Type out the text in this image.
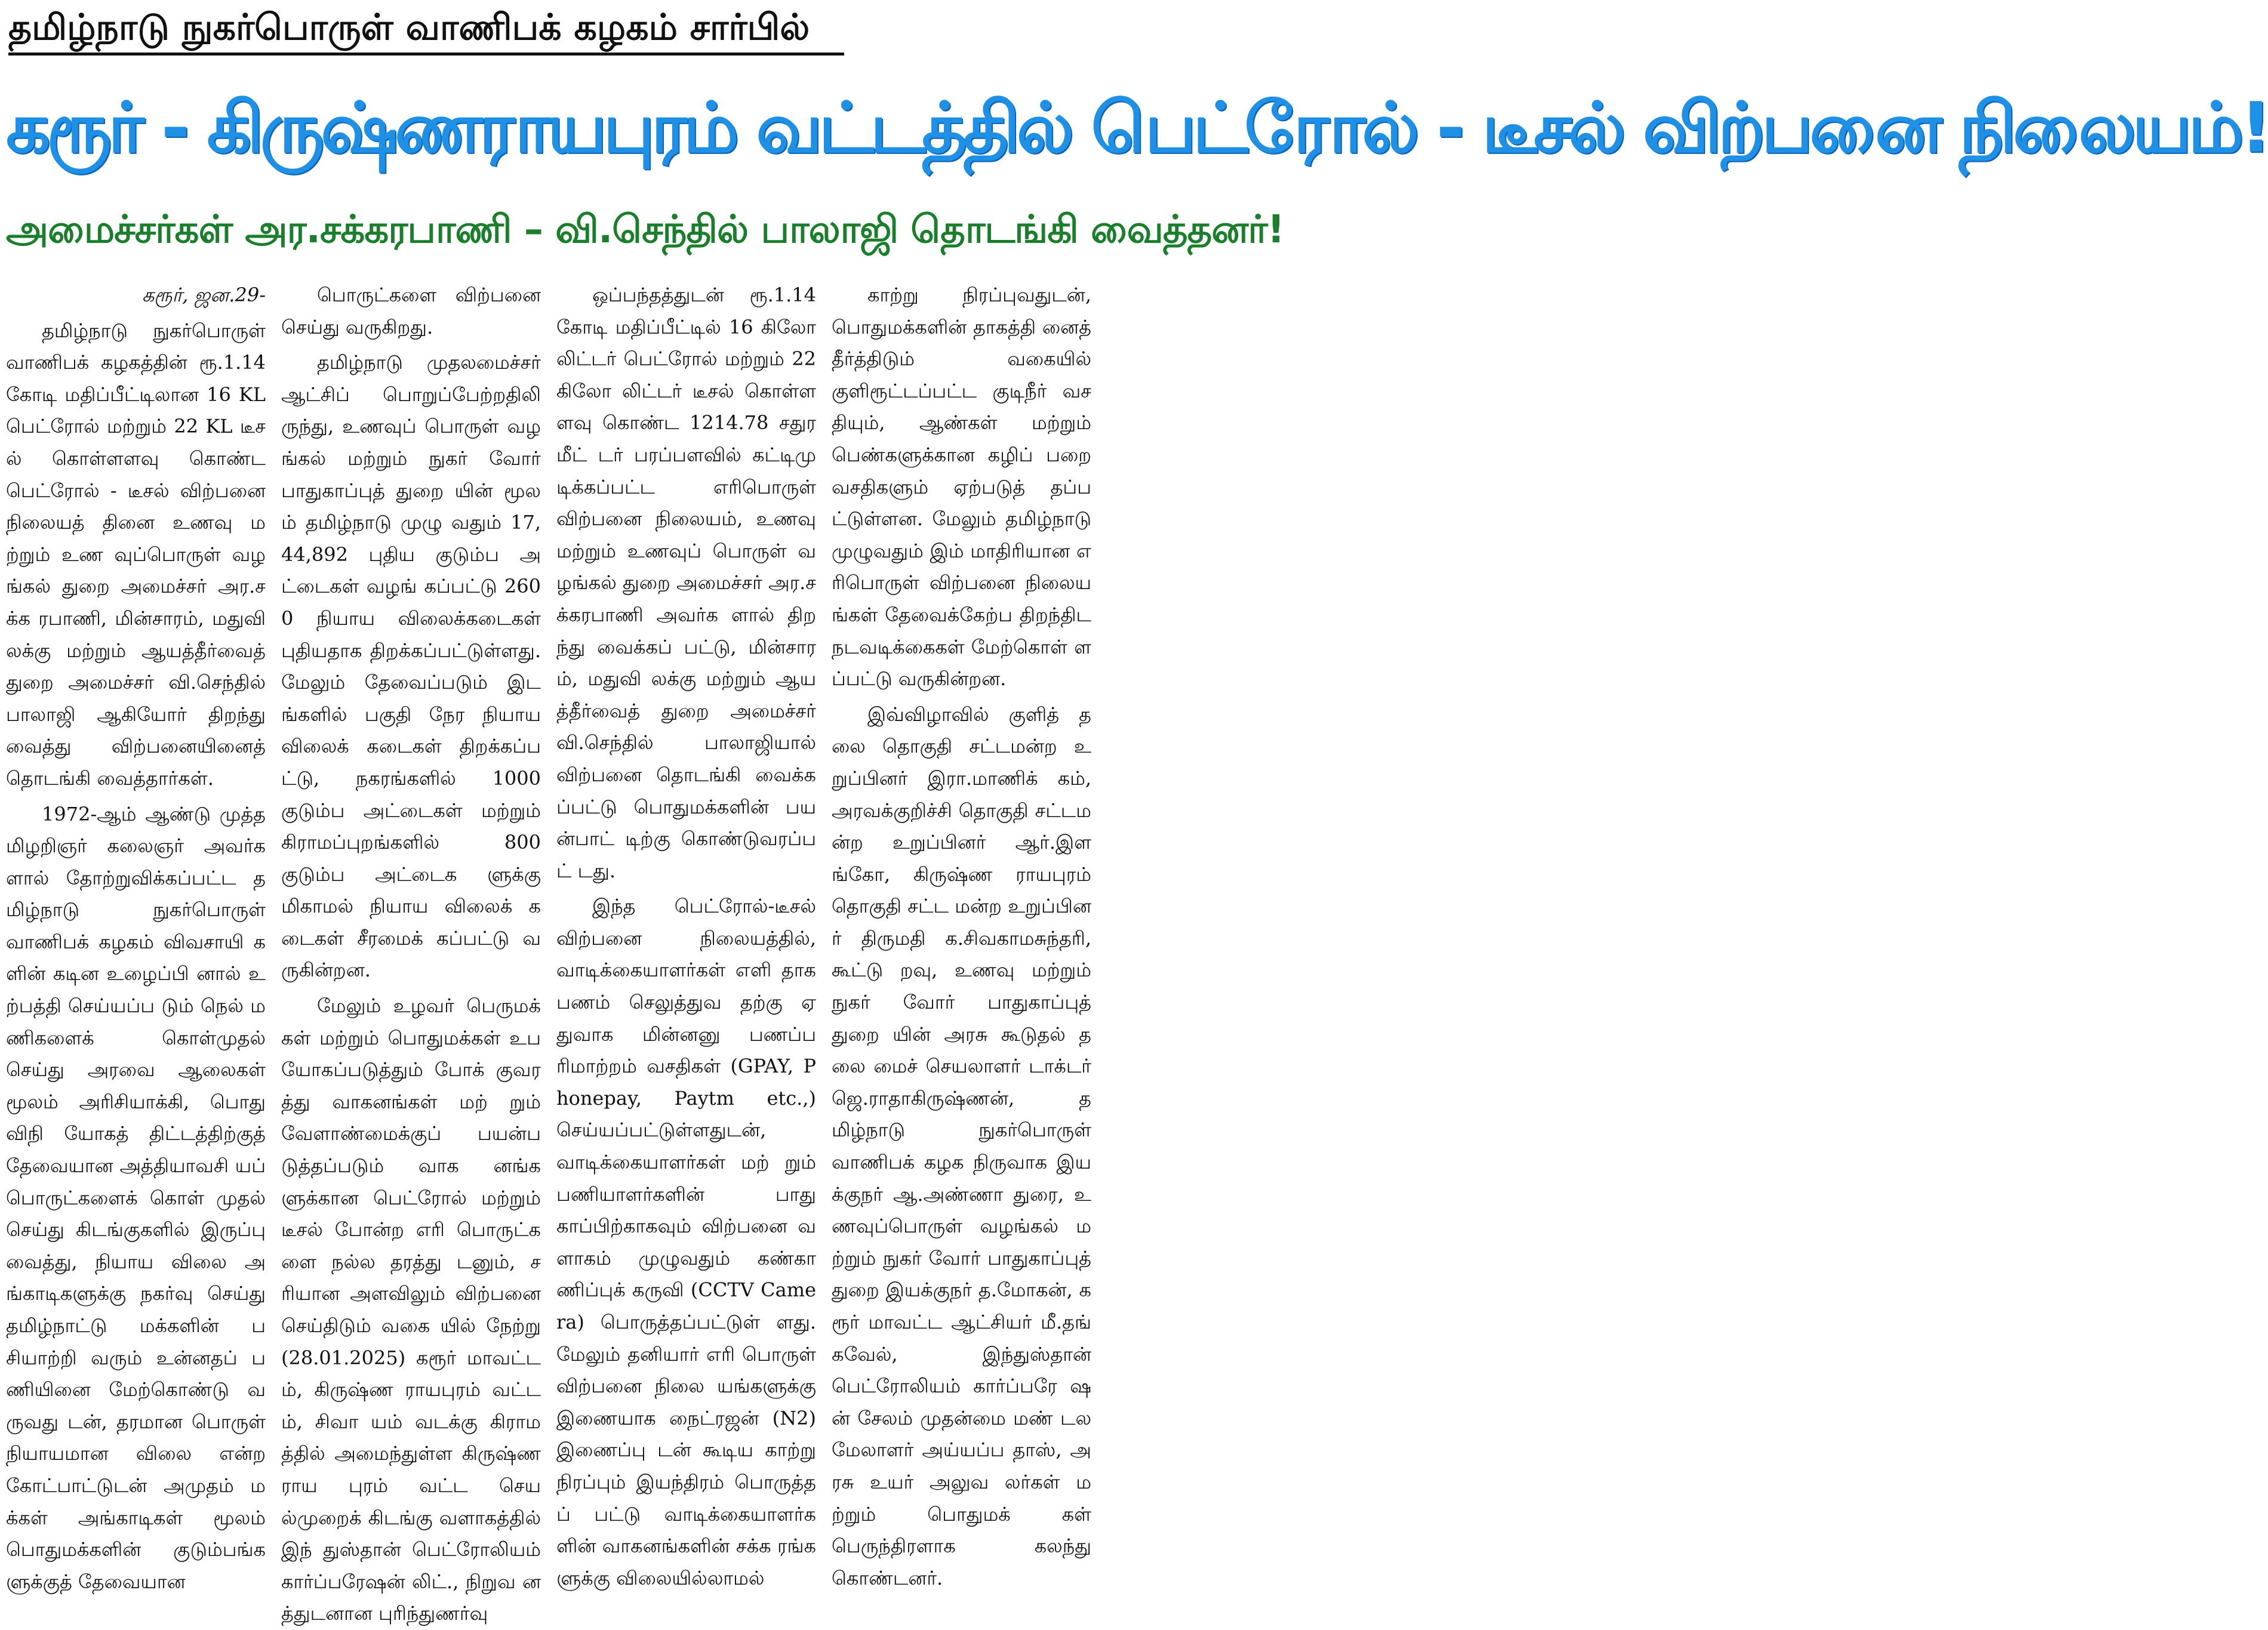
தமிழ்நாடு நுகர்பொருள் வாணிபக் கழகம் சார்பில்
கரூர் - கிருஷ்ணராயபுரம் வட்டத்தில் பெட்ரோல் - டீசல் விற்பனை நிலையம்!
அமைச்சர்கள் அர.சக்கரபாணி – வி.செந்தில் பாலாஜி தொடங்கி வைத்தனர்!

கரூர், ஜன.29-

தமிழ்நாடு நுகர்பொருள் வாணிபக் கழகத்தின் ரூ.1.14 கோடி மதிப்பீட்டிலான 16 KL பெட்ரோல் மற்றும் 22 KL டீசல் கொள்ளளவு கொண்ட பெட்ரோல் - டீசல் விற்பனை நிலையத் தினை உணவு மற்றும் உண வுப்பொருள் வழங்கல் துறை அமைச்சர் அர.சக்க ரபாணி, மின்சாரம், மதுவி லக்கு மற்றும் ஆயத்தீர்வைத் துறை அமைச்சர் வி.செந்தில் பாலாஜி ஆகியோர் திறந்து வைத்து விற்பனையினைத் தொடங்கி வைத்தார்கள்.

1972-ஆம் ஆண்டு முத்த மிழறிஞர் கலைஞர் அவர்க ளால் தோற்றுவிக்கப்பட்ட தமிழ்நாடு நுகர்பொருள் வாணிபக் கழகம் விவசாயி களின் கடின உழைப்பி னால் உற்பத்தி செய்யப்ப டும் நெல் மணிகளைக் கொள்முதல் செய்து அரவை ஆலைகள் மூலம் அரிசியாக்கி, பொது விநி யோகத் திட்டத்திற்குத் தேவையான அத்தியாவசி யப் பொருட்களைக் கொள் முதல் செய்து கிடங்குகளில் இருப்பு வைத்து, நியாய விலை அங்காடிகளுக்கு நகர்வு செய்து தமிழ்நாட்டு மக்களின் பசியாற்றி வரும் உன்னதப் பணியினை மேற்கொண்டு வருவது டன், தரமான பொருள் நியாயமான விலை என்ற கோட்பாட்டுடன் அமுதம் மக்கள் அங்காடிகள் மூலம் பொதுமக்களின் குடும்பங்க ளுக்குத் தேவையான

பொருட்களை விற்பனை செய்து வருகிறது.

தமிழ்நாடு முதலமைச்சர் ஆட்சிப் பொறுப்பேற்றதிலி ருந்து, உணவுப் பொருள் வழங்கல் மற்றும் நுகர் வோர் பாதுகாப்புத் துறை யின் மூலம் தமிழ்நாடு முழு வதும் 17,44,892 புதிய குடும்ப அட்டைகள் வழங் கப்பட்டு 2600 நியாய விலைக்கடைகள் புதியதாக திறக்கப்பட்டுள்ளது. மேலும் தேவைப்படும் இடங்களில் பகுதி நேர நியாயவிலைக் கடைகள் திறக்கப்பட்டு, நகரங்களில் 1000 குடும்ப அட்டைகள் மற்றும் கிராமப்புறங்களில் 800 குடும்ப அட்டைக ளுக்கு மிகாமல் நியாய விலைக் கடைகள் சீரமைக் கப்பட்டு வருகின்றன.

மேலும் உழவர் பெருமக் கள் மற்றும் பொதுமக்கள் உபயோகப்படுத்தும் போக் குவரத்து வாகனங்கள் மற் றும் வேளாண்மைக்குப் பயன்படுத்தப்படும் வாக னங்களுக்கான பெட்ரோல் மற்றும் டீசல் போன்ற எரி பொருட்களை நல்ல தரத்து டனும், சரியான அளவிலும் விற்பனை செய்திடும் வகை யில் நேற்று (28.01.2025) கரூர் மாவட்டம், கிருஷ்ண ராயபுரம் வட்டம், சிவா யம் வடக்கு கிராமத்தில் அமைந்துள்ள கிருஷ்ணராய புரம் வட்ட செயல்முறைக் கிடங்கு வளாகத்தில் இந் துஸ்தான் பெட்ரோலியம் கார்ப்பரேஷன் லிட்., நிறுவ னத்துடனான புரிந்துணர்வு

ஒப்பந்தத்துடன் ரூ.1.14 கோடி மதிப்பீட்டில் 16 கிலோ லிட்டர் பெட்ரோல் மற்றும் 22 கிலோ லிட்டர் டீசல் கொள்ளளவு கொண்ட 1214.78 சதுர மீட் டர் பரப்பளவில் கட்டிமு டிக்கப்பட்ட எரிபொருள் விற்பனை நிலையம், உணவு மற்றும் உணவுப் பொருள் வழங்கல் துறை அமைச்சர் அர.சக்கரபாணி அவர்க ளால் திறந்து வைக்கப் பட்டு, மின்சாரம், மதுவி லக்கு மற்றும் ஆயத்தீர்வைத் துறை அமைச்சர் வி.செந்தில் பாலாஜியால் விற்பனை தொடங்கி வைக்கப்பட்டு பொதுமக்களின் பயன்பாட் டிற்கு கொண்டுவரப்பட் டது.

இந்த பெட்ரோல்-டீசல் விற்பனை நிலையத்தில், வாடிக்கையாளர்கள் எளி தாக பணம் செலுத்துவ தற்கு ஏதுவாக மின்னனு பணப்பரிமாற்றம் வசதிகள் (GPAY, Phonepay, Paytm etc.,) செய்யப்பட்டுள்ளதுடன், வாடிக்கையாளர்கள் மற் றும் பணியாளர்களின் பாது காப்பிற்காகவும் விற்பனை வளாகம் முழுவதும் கண்கா ணிப்புக் கருவி (CCTV Camera) பொருத்தப்பட்டுள் ளது. மேலும் தனியார் எரி பொருள் விற்பனை நிலை யங்களுக்கு இணையாக நைட்ரஜன் (N2) இணைப்பு டன் கூடிய காற்று நிரப்பும் இயந்திரம் பொருத்தப் பட்டு வாடிக்கையாளர்க ளின் வாகனங்களின் சக்க ரங்களுக்கு விலையில்லாமல்

காற்று நிரப்புவதுடன், பொதுமக்களின் தாகத்தி னைத் தீர்த்திடும் வகையில் குளிரூட்டப்பட்ட குடிநீர் வசதியும், ஆண்கள் மற்றும் பெண்களுக்கான கழிப் பறை வசதிகளும் ஏற்படுத் தப்பட்டுள்ளன. மேலும் தமிழ்நாடு முழுவதும் இம் மாதிரியான எரிபொருள் விற்பனை நிலையங்கள் தேவைக்கேற்ப திறந்திட நடவடிக்கைகள் மேற்கொள் ளப்பட்டு வருகின்றன.

இவ்விழாவில் குளித் தலை தொகுதி சட்டமன்ற உறுப்பினர் இரா.மாணிக் கம், அரவக்குறிச்சி தொகுதி சட்டமன்ற உறுப்பினர் ஆர்.இளங்கோ, கிருஷ்ண ராயபுரம் தொகுதி சட்ட மன்ற உறுப்பினர் திருமதி க.சிவகாமசுந்தரி, கூட்டு றவு, உணவு மற்றும் நுகர் வோர் பாதுகாப்புத் துறை யின் அரசு கூடுதல் தலை மைச் செயலாளர் டாக்டர் ஜெ.ராதாகிருஷ்ணன், தமிழ்நாடு நுகர்பொருள் வாணிபக் கழக நிருவாக இயக்குநர் ஆ.அண்ணா துரை, உணவுப்பொருள் வழங்கல் மற்றும் நுகர் வோர் பாதுகாப்புத் துறை இயக்குநர் த.மோகன், கரூர் மாவட்ட ஆட்சியர் மீ.தங் கவேல், இந்துஸ்தான் பெட்ரோலியம் கார்ப்பரே ஷன் சேலம் முதன்மை மண் டல மேலாளர் அய்யப்ப தாஸ், அரசு உயர் அலுவ லர்கள் மற்றும் பொதுமக் கள் பெருந்திரளாக கலந்து கொண்டனர்.
